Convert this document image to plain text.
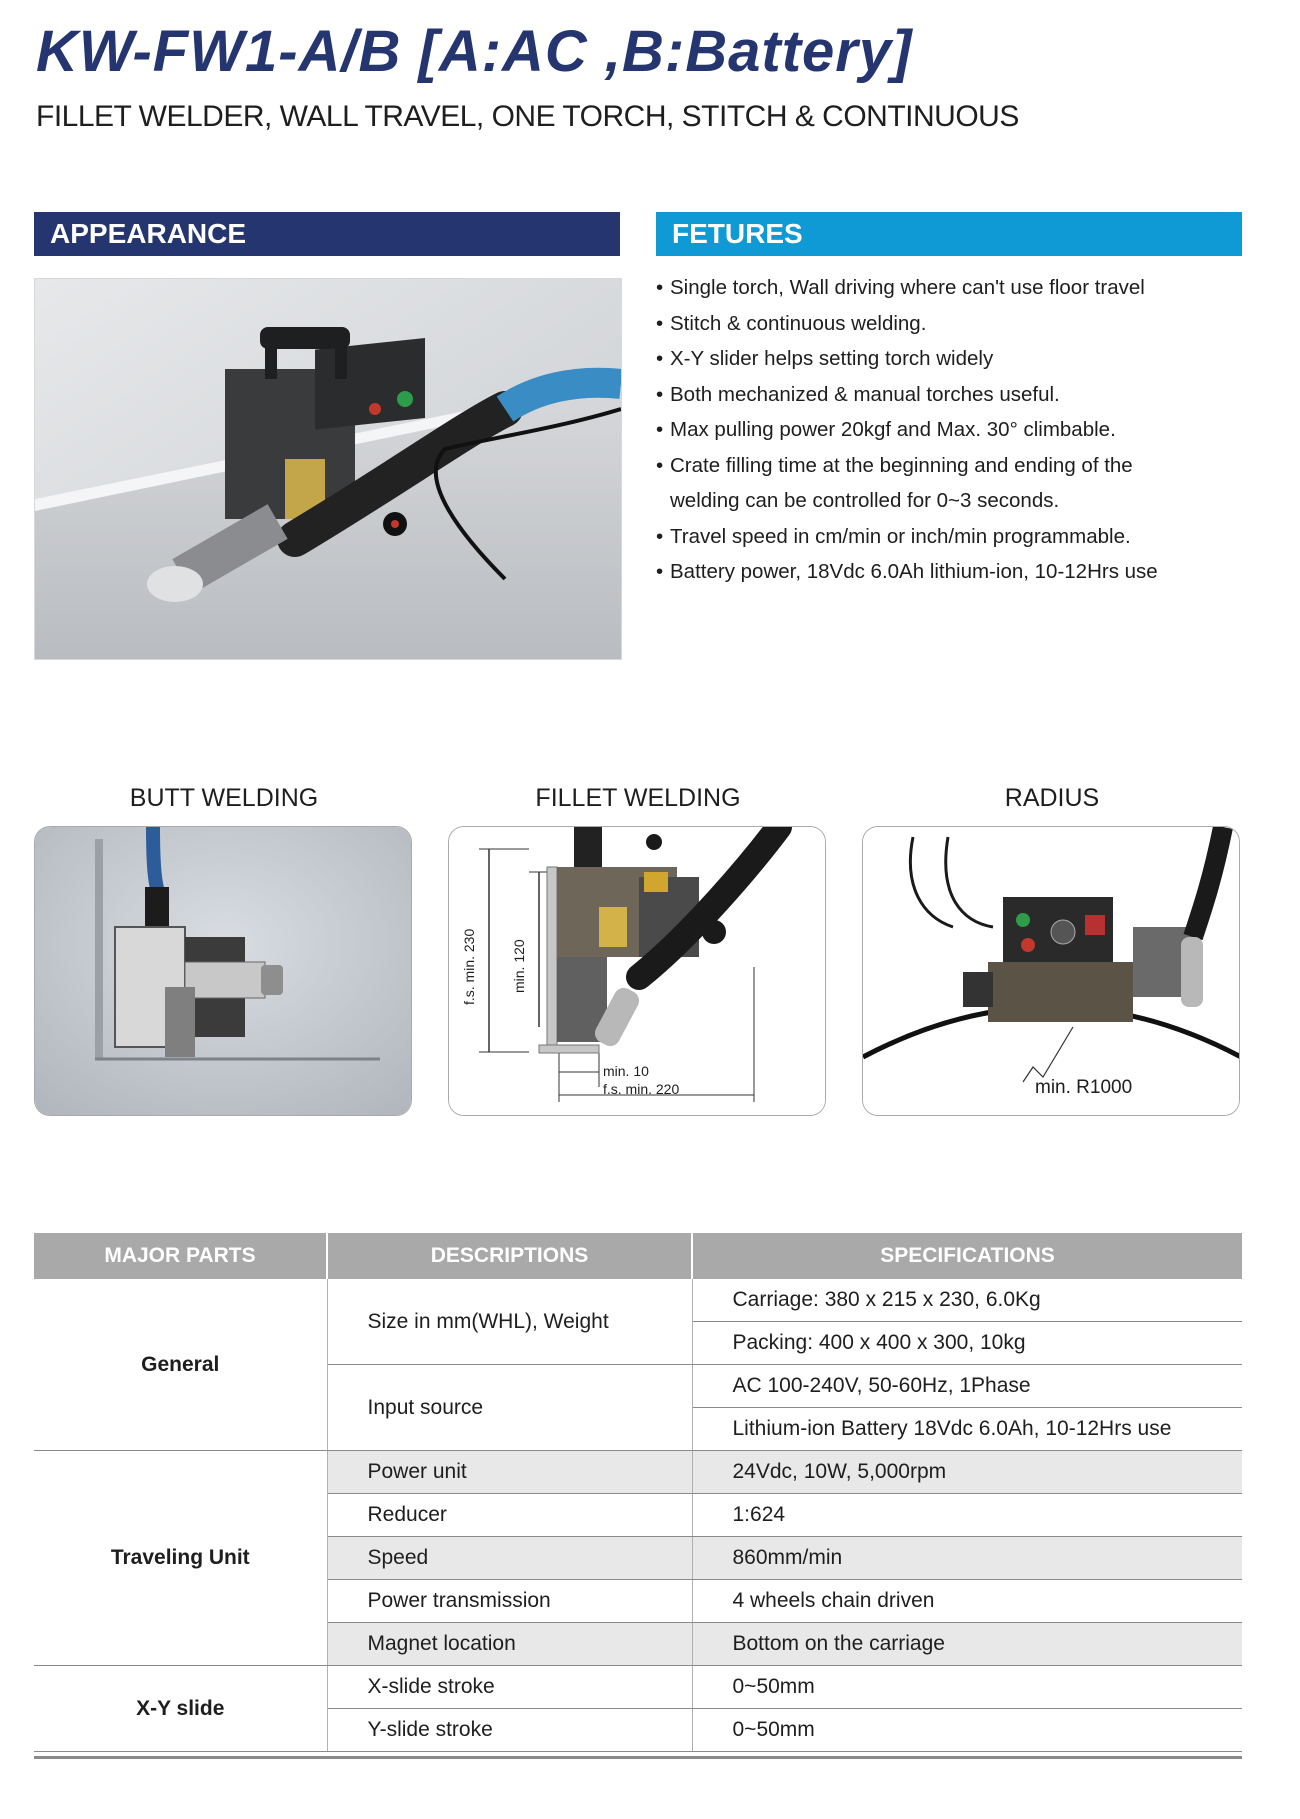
KW-FW1-A/B [A:AC ,B:Battery]
FILLET WELDER, WALL TRAVEL, ONE TORCH, STITCH & CONTINUOUS
APPEARANCE	FETURES
• Single torch, Wall driving where can't use floor travel
• Stitch & continuous welding.
• X-Y slider helps setting torch widely
• Both mechanized & manual torches useful.
• Max pulling power 20kgf and Max. 30° climbable.
• Crate filling time at the beginning and ending of the welding can be controlled for 0~3 seconds.
• Travel speed in cm/min or inch/min programmable.
• Battery power, 18Vdc 6.0Ah lithium-ion, 10-12Hrs use
BUTT WELDING	FILLET WELDING	RADIUS
f.s. min. 230 min. 120
min. 10
f.s. min. 220	min. R1000
MAJOR PARTS	DESCRIPTIONS	SPECIFICATIONS
General	Size in mm(WHL), Weight	Carriage: 380 x 215 x 230, 6.0Kg
		Packing: 400 x 400 x 300, 10kg
	Input source	AC 100-240V, 50-60Hz, 1Phase
		Lithium-ion Battery 18Vdc 6.0Ah, 10-12Hrs use
Traveling Unit	Power unit	24Vdc, 10W, 5,000rpm
	Reducer	1:624
	Speed	860mm/min
	Power transmission	4 wheels chain driven
	Magnet location	Bottom on the carriage
X-Y slide	X-slide stroke	0~50mm
	Y-slide stroke	0~50mm
